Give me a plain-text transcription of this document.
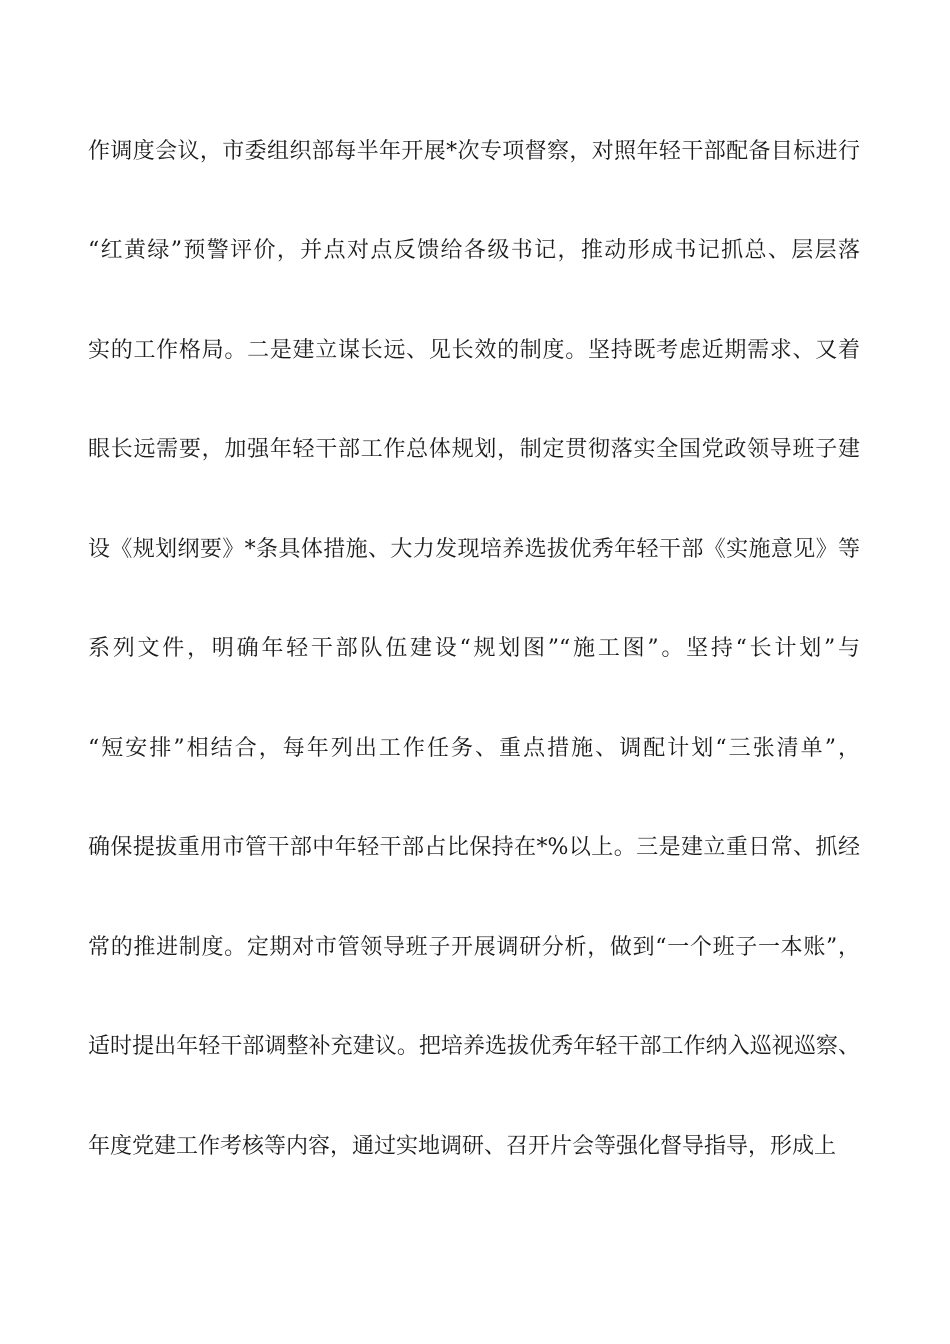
作调度会议，市委组织部每半年开展*次专项督察，对照年轻干部配备目标进行
“红黄绿”预警评价，并点对点反馈给各级书记，推动形成书记抓总、层层落
实的工作格局。二是建立谋长远、见长效的制度。坚持既考虑近期需求、又着
眼长远需要，加强年轻干部工作总体规划，制定贯彻落实全国党政领导班子建
设《规划纲要》*条具体措施、大力发现培养选拔优秀年轻干部《实施意见》等
系列文件，明确年轻干部队伍建设“规划图”“施工图”。坚持“长计划”与
“短安排”相结合，每年列出工作任务、重点措施、调配计划“三张清单”，
确保提拔重用市管干部中年轻干部占比保持在*%以上。三是建立重日常、抓经
常的推进制度。定期对市管领导班子开展调研分析，做到“一个班子一本账”，
适时提出年轻干部调整补充建议。把培养选拔优秀年轻干部工作纳入巡视巡察、
年度党建工作考核等内容，通过实地调研、召开片会等强化督导指导，形成上
